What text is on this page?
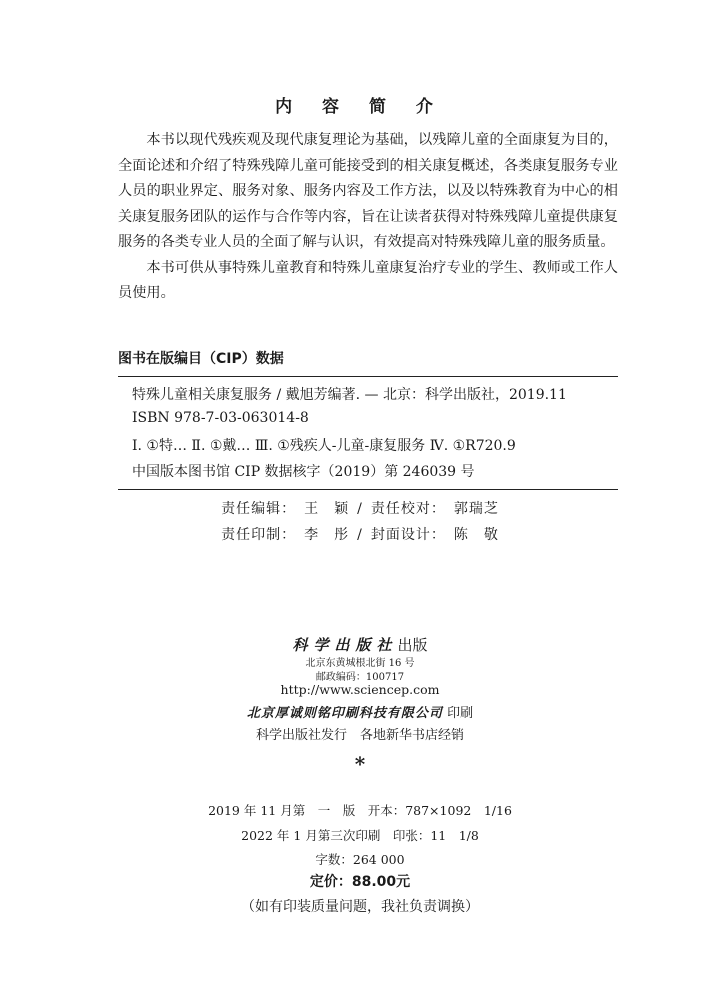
内 容 简 介

本书以现代残疾观及现代康复理论为基础，以残障儿童的全面康复为目的，全面论述和介绍了特殊残障儿童可能接受到的相关康复概述，各类康复服务专业人员的职业界定、服务对象、服务内容及工作方法，以及以特殊教育为中心的相关康复服务团队的运作与合作等内容，旨在让读者获得对特殊残障儿童提供康复服务的各类专业人员的全面了解与认识，有效提高对特殊残障儿童的服务质量。

本书可供从事特殊儿童教育和特殊儿童康复治疗专业的学生、教师或工作人员使用。

图书在版编目（CIP）数据
特殊儿童相关康复服务 / 戴旭芳编著. — 北京：科学出版社，2019.11
ISBN 978-7-03-063014-8
Ⅰ. ①特… Ⅱ. ①戴… Ⅲ. ①残疾人-儿童-康复服务 Ⅳ. ①R720.9
中国版本图书馆 CIP 数据核字（2019）第 246039 号
责任编辑： 王　颖 / 责任校对： 郭瑞芝
责任印制： 李　彤 / 封面设计： 陈　敬
科学出版社出版
北京东黄城根北街 16 号
邮政编码：100717
http://www.sciencep.com
北京厚诚则铭印刷科技有限公司 印刷
科学出版社发行　各地新华书店经销
*
2019 年 11 月第　一　版　开本：787×1092　1/16
2022 年 1 月第三次印刷　印张：11　1/8
字数：264 000
定价：88.00元
（如有印装质量问题，我社负责调换）
